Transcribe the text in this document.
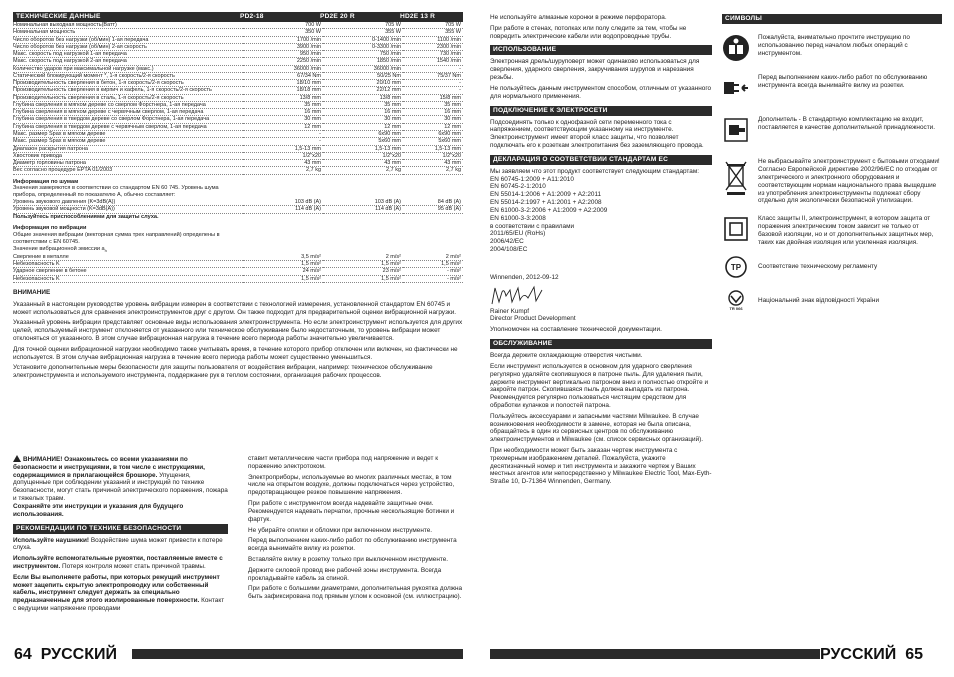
ТЕХНИЧЕСКИЕ ДАННЫЕ	PD2-18	PD2E 20 R	HD2E 13 R
Номинальная выходная мощность(Ватт)	700 W	705 W	705 W
Номинальная мощность	350 W	355 W	355 W
Число оборотов без нагрузки (об/мин) 1-ая передача	1700 /min	0-1400 /min	1100 /min
Число оборотов без нагрузки (об/мин) 2-ая скорость	3900 /min	0-3300 /min	2300 /min
Макс. скорость под нагрузкой 1-ая передача	950 /min	750 /min	730 /min
Макс. скорость под нагрузкой 2-ая передача	2250 /min	1850 /min	1540 /min
Количество ударов при максимальной нагрузке (макс.)	36000 /min	36000 /min	-
Статический блокирующий момент *, 1-я скорость/2-я скорость	67/34 Nm	50/25 Nm	75/37 Nm
Производительность сверления в бетон, 1-я скорость/2-я скорость	18/10 mm	20/10 mm	-
Производительность сверления в кирпич и кафель, 1-я скорость/2-я скорость	18/18 mm	22/12 mm	-
Производительность сверления в сталь, 1-я скорость/2-я скорость	13/8 mm	13/8 mm	15/8 mm
Глубина сверления в мягком дереве со сверлом Форстнера, 1-ая передача	35 mm	35 mm	35 mm
Глубина сверления в мягком дереве с червячным сверлом, 1-ая передача	16 mm	16 mm	16 mm
Глубина сверления в твердом дереве со сверлом Форстнера, 1-ая передача	30 mm	30 mm	30 mm
Глубина сверления в твердом дереве с червячным сверлом, 1-ая передача	12 mm	12 mm	12 mm
Макс. размер Spax в мягком дереве	-	6x90 mm	6x90 mm
Макс. размер Spax в мягком дереве	-	5x60 mm	5x60 mm
Диапазон раскрытия патрона	1,5-13 mm	1,5-13 mm	1,5-13 mm
Хвостовик привода	1/2"x20	1/2"x20	1/2"x20
Диаметр горловины патрона	43 mm	43 mm	43 mm
Вес согласно процедуре EPTA 01/2003	2,7 kg	2,7 kg	2,7 kg
Информация по шумам
Значения замеряются в соответствии со стандартом EN 60 745. Уровень шума прибора, определенный по показателю А, обычно составляет:
Уровень звукового давления (K=3dB(A))	103 dB (A)	103 dB (A)	84 dB (A)
Уровень звуковой мощности (K=3dB(A))	114 dB (A)	114 dB (A)	95 dB (A)
Пользуйтесь приспособлениями для защиты слуха.
Информация по вибрации
Общие значения вибрации (векторная сумма трех направлений) определены в соответствии с EN 60745.
Значение вибрационной эмиссии $a_h$
Сверление в металле	3,5 m/s²	2 m/s²	2 m/s²
Небезопасность K	1,5 m/s²	1,5 m/s²	1,5 m/s²
Ударное сверление в бетоне	24 m/s²	23 m/s²	- m/s²
Небезопасность K	1,5 m/s²	1,5 m/s²	- m/s²
ВНИМАНИЕ

Указанный в настоящем руководстве уровень вибрации измерен в соответствии с технологией измерения, установленной стандартом EN 60745 и может использоваться для сравнения электроинструментов друг с другом. Он также подходит для предварительной оценки вибрационной нагрузки.

Указанный уровень вибрации представляет основные виды использования электроинструмента. Но если электроинструмент используется для других целей, используемый инструмент отклоняется от указанного или техническое обслуживание было недостаточным, то уровень вибрации может отклоняться от указанного. В этом случае вибрационная нагрузка в течение всего периода работы значительно увеличивается.

Для точной оценки вибрационной нагрузки необходимо также учитывать время, в течение которого прибор отключен или включен, но фактически не используется. В этом случае вибрационная нагрузка в течение всего периода работы может существенно уменьшиться.

Установите дополнительные меры безопасности для защиты пользователя от воздействия вибрации, например: техническое обслуживание электроинструмента и используемого инструмента, поддержание рук в теплом состоянии, организация рабочих процессов.

ВНИМАНИЕ! Ознакомьтесь со всеми указаниями по безопасности и инструкциями, в том числе с инструкциями, содержащимися в прилагающейся брошюре. Упущения, допущенные при соблюдении указаний и инструкций по технике безопасности, могут стать причиной электрического поражения, пожара и тяжелых травм.
Сохраняйте эти инструкции и указания для будущего использования.

РЕКОМЕНДАЦИИ ПО ТЕХНИКЕ БЕЗОПАСНОСТИ

Используйте наушники! Воздействие шума может привести к потере слуха.

Используйте вспомогательные рукоятки, поставляемые вместе с инструментом. Потеря контроля может стать причиной травмы.

Если Вы выполняете работы, при которых режущий инструмент может зацепить скрытую электропроводку или собственный кабель, инструмент следует держать за специально предназначенные для этого изолированные поверхности. Контакт с ведущими напряжение проводами

ставит металлические части прибора под напряжение и ведет к поражению электротоком.

Электроприборы, используемые во многих различных местах, в том числе на открытом воздухе, должны подключаться через устройство, предотвращающее резкое повышение напряжения.

При работе с инструментом всегда надевайте защитные очки. Рекомендуется надевать перчатки, прочные нескользящие ботинки и фартук.

Не убирайте опилки и обломки при включенном инструменте.

Перед выполнением каких-либо работ по обслуживанию инструмента всегда вынимайте вилку из розетки.

Вставляйте вилку в розетку только при выключенном инструменте.

Держите силовой провод вне рабочей зоны инструмента. Всегда прокладывайте кабель за спиной.

При работе с большими диаметрами, дополнительная рукоятка должна быть зафиксирована под прямым углом к основной (см. иллюстрацию).

64 РУССКИЙ

Не используйте алмазные коронки в режиме перфоратора.

При работе в стенах, потолках или полу следите за тем, чтобы не повредить электрические кабели или водопроводные трубы.

ИСПОЛЬЗОВАНИЕ

Электронная дрель/шуруповерт может одинаково использоваться для сверления, ударного сверления, закручивания шурупов и нарезания резьбы.

Не пользуйтесь данным инструментом способом, отличным от указанного для нормального применения.

ПОДКЛЮЧЕНИЕ К ЭЛЕКТРОСЕТИ

Подсоединять только к однофазной сети переменного тока с напряжением, соответствующим указанному на инструменте. Электроинструмент имеет второй класс защиты, что позволяет подключать его к розеткам электропитания без заземляющего провода.

ДЕКЛАРАЦИЯ О СООТВЕТСТВИИ СТАНДАРТАМ ЕС
Мы заявляем что этот продукт соответствует следующим стандартам:
EN 60745-1:2009 + A11:2010
EN 60745-2-1:2010
EN 55014-1:2006 + A1:2009 + A2:2011
EN 55014-2:1997 + A1:2001 + A2:2008
EN 61000-3-2:2006 + A1:2009 + A2:2009
EN 61000-3-3:2008
в соответствии с правилами
2011/65/EU (RoHs)
2006/42/EC
2004/108/EC
Winnenden, 2012-09-12
Rainer Kumpf
Director Product Development

Уполномочен на составление технической документации.

ОБСЛУЖИВАНИЕ

Всегда держите охлаждающие отверстия чистыми.

Если инструмент используется в основном для ударного сверления регулярно удаляйте скопившуюся в патроне пыль. Для удаления пыли, держите инструмент вертикально патроном вниз и полностью откройте и закройте патрон. Скопившаяся пыль должна выпадать из патрона. Рекомендуется регулярно пользоваться чистящим средством для обработки кулачков и полостей патрона.

Пользуйтесь аксессуарами и запасными частями Milwaukee. В случае возникновения необходимости в замене, которая не была описана, обращайтесь в один из сервисных центров по обслуживанию электроинструментов и Milwaukee (см. список сервисных организаций).

При необходимости может быть заказан чертеж инструмента с трехмерным изображением деталей. Пожалуйста, укажите десятизначный номер и тип инструмента и закажите чертеж у Ваших местных агентов или непосредственно у Milwaukee Electric Tool, Max-Eyth-Straße 10, D-71364 Winnenden, Germany.

СИМВОЛЫ
Пожалуйста, внимательно прочтите инструкцию по использованию перед началом любых операций с инструментом.
Перед выполнением каких-либо работ по обслуживанию инструмента всегда вынимайте вилку из розетки.
Дополнитель - В стандартную комплектацию не входит, поставляется в качестве дополнительной принадлежности.
Не выбрасывайте электроинструмент с бытовыми отходами! Согласно Европейской директиве 2002/96/ЕС по отходам от электрического и электронного оборудования и соответствующим нормам национального права выщедшие из употребления электроинструменты подлежат сбору отдельно для экологически безопасной утилизации.
Класс защиты II, электроинструмент, в котором защита от поражения электрическим током зависит не только от базовой изоляции, но и от дополнительных защитных мер, таких как двойная изоляция или усиленная изоляция.
TP	Соответствие техническому регламенту
TR 066
Національний знак відповідності України
РУССКИЙ 65
